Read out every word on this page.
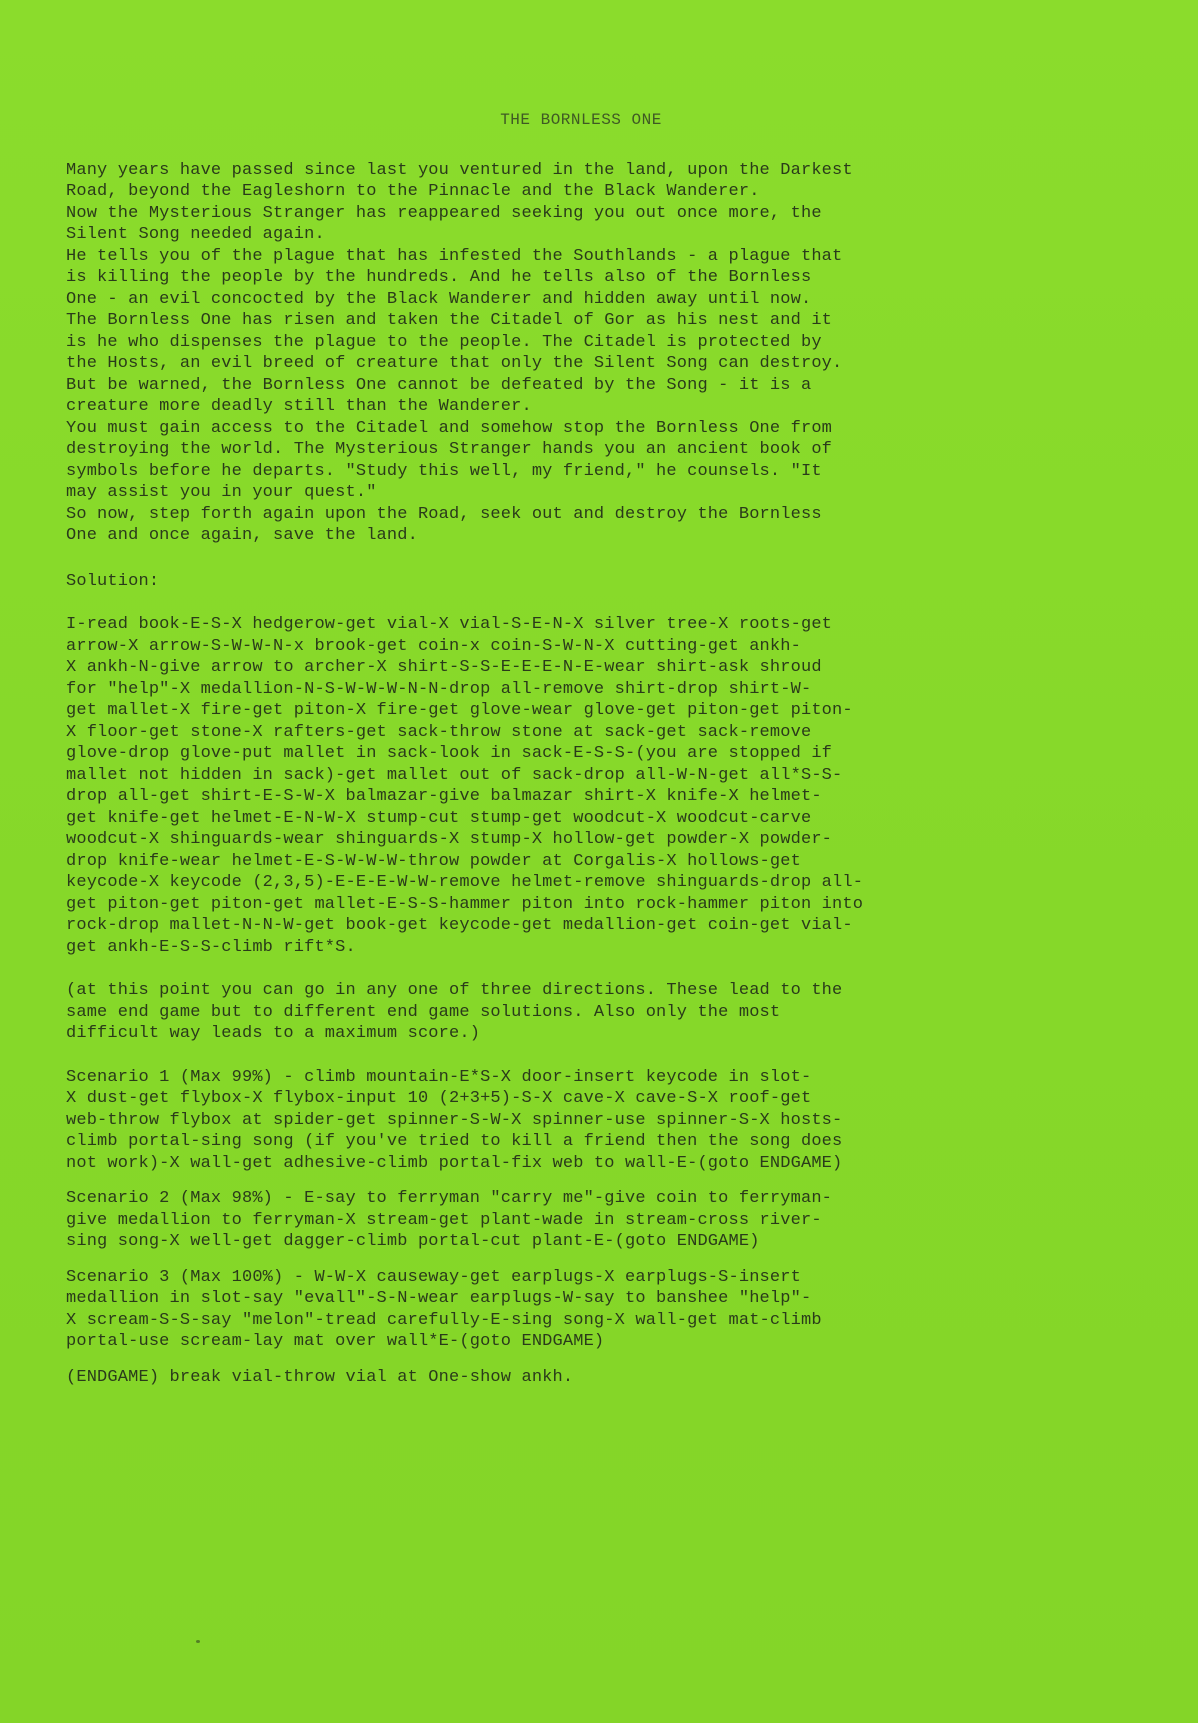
THE BORNLESS ONE

Many years have passed since last you ventured in the land, upon the Darkest
Road, beyond the Eagleshorn to the Pinnacle and the Black Wanderer.

Now the Mysterious Stranger has reappeared seeking you out once more, the
Silent Song needed again.

He tells you of the plague that has infested the Southlands - a plague that
is killing the people by the hundreds. And he tells also of the Bornless
One - an evil concocted by the Black Wanderer and hidden away until now.
The Bornless One has risen and taken the Citadel of Gor as his nest and it
is he who dispenses the plague to the people. The Citadel is protected by
the Hosts, an evil breed of creature that only the Silent Song can destroy.
But be warned, the Bornless One cannot be defeated by the Song - it is a
creature more deadly still than the Wanderer.

You must gain access to the Citadel and somehow stop the Bornless One from
destroying the world. The Mysterious Stranger hands you an ancient book of
symbols before he departs. "Study this well, my friend," he counsels. "It
may assist you in your quest."

So now, step forth again upon the Road, seek out and destroy the Bornless
One and once again, save the land.

Solution:

I-read book-E-S-X hedgerow-get vial-X vial-S-E-N-X silver tree-X roots-get
arrow-X arrow-S-W-W-N-x brook-get coin-x coin-S-W-N-X cutting-get ankh-
X ankh-N-give arrow to archer-X shirt-S-S-E-E-E-N-E-wear shirt-ask shroud
for "help"-X medallion-N-S-W-W-W-N-N-drop all-remove shirt-drop shirt-W-
get mallet-X fire-get piton-X fire-get glove-wear glove-get piton-get piton-
X floor-get stone-X rafters-get sack-throw stone at sack-get sack-remove
glove-drop glove-put mallet in sack-look in sack-E-S-S-(you are stopped if
mallet not hidden in sack)-get mallet out of sack-drop all-W-N-get all*S-S-
drop all-get shirt-E-S-W-X balmazar-give balmazar shirt-X knife-X helmet-
get knife-get helmet-E-N-W-X stump-cut stump-get woodcut-X woodcut-carve
woodcut-X shinguards-wear shinguards-X stump-X hollow-get powder-X powder-
drop knife-wear helmet-E-S-W-W-W-throw powder at Corgalis-X hollows-get
keycode-X keycode (2,3,5)-E-E-E-W-W-remove helmet-remove shinguards-drop all-
get piton-get piton-get mallet-E-S-S-hammer piton into rock-hammer piton into
rock-drop mallet-N-N-W-get book-get keycode-get medallion-get coin-get vial-
get ankh-E-S-S-climb rift*S.

(at this point you can go in any one of three directions. These lead to the
same end game but to different end game solutions. Also only the most
difficult way leads to a maximum score.)

Scenario 1 (Max 99%) - climb mountain-E*S-X door-insert keycode in slot-
X dust-get flybox-X flybox-input 10 (2+3+5)-S-X cave-X cave-S-X roof-get
web-throw flybox at spider-get spinner-S-W-X spinner-use spinner-S-X hosts-
climb portal-sing song (if you've tried to kill a friend then the song does
not work)-X wall-get adhesive-climb portal-fix web to wall-E-(goto ENDGAME)

Scenario 2 (Max 98%) - E-say to ferryman "carry me"-give coin to ferryman-
give medallion to ferryman-X stream-get plant-wade in stream-cross river-
sing song-X well-get dagger-climb portal-cut plant-E-(goto ENDGAME)

Scenario 3 (Max 100%) - W-W-X causeway-get earplugs-X earplugs-S-insert
medallion in slot-say "evall"-S-N-wear earplugs-W-say to banshee "help"-
X scream-S-S-say "melon"-tread carefully-E-sing song-X wall-get mat-climb
portal-use scream-lay mat over wall*E-(goto ENDGAME)

(ENDGAME) break vial-throw vial at One-show ankh.
